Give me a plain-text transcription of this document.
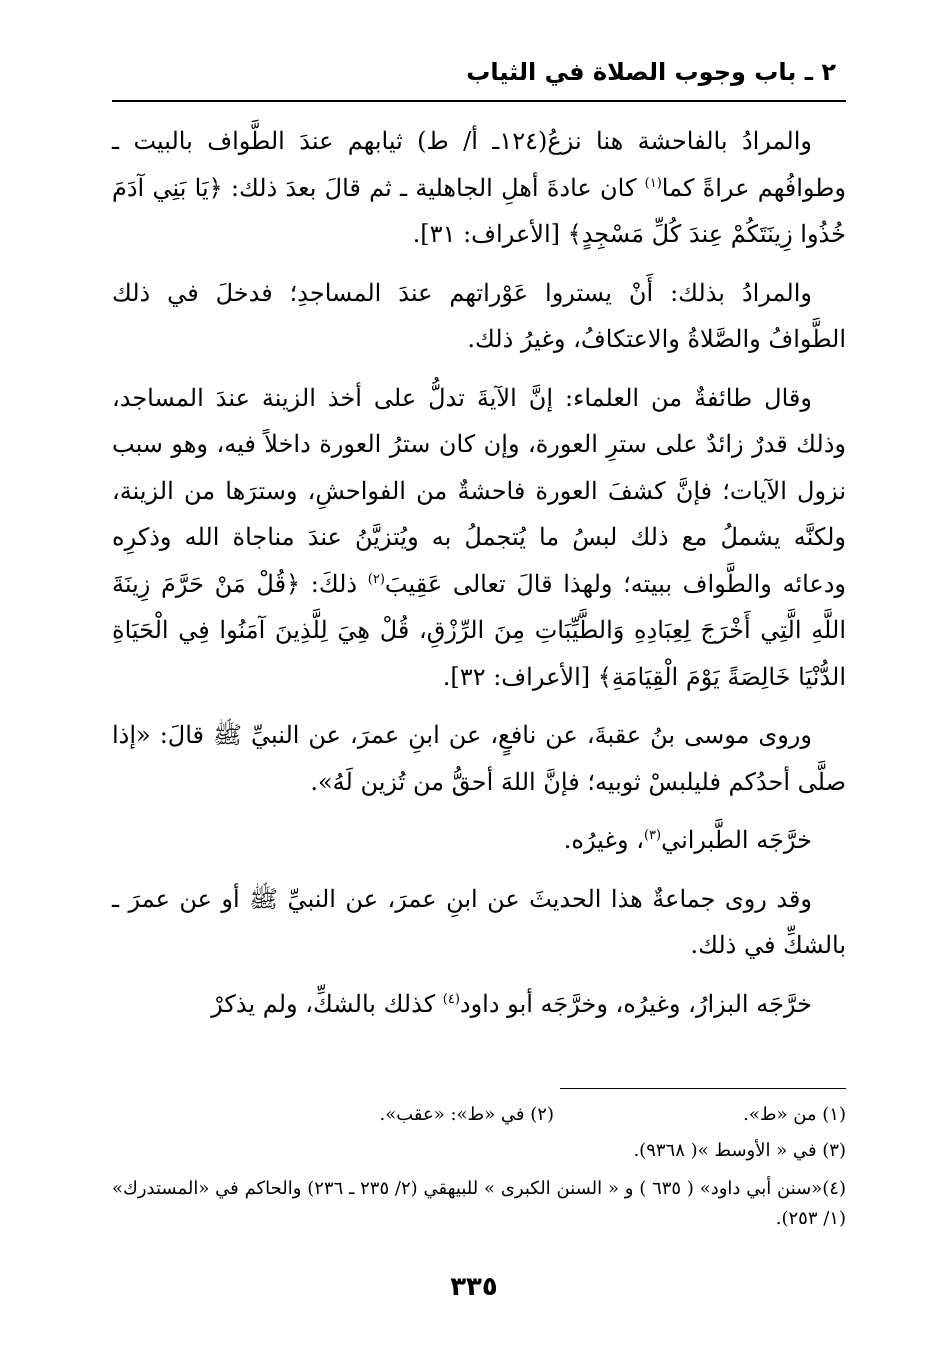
٢ ـ باب وجوب الصلاة في الثياب

والمرادُ بالفاحشة هنا نزعُ(١٢٤ـ أ/ ط) ثيابهم عندَ الطَّواف بالبيت ـ وطوافُهم عراةً كما$^{(١)}$ كان عادةَ أهلِ الجاهلية ـ ثم قالَ بعدَ ذلك: ﴿يَا بَنِي آدَمَ خُذُوا زِينَتَكُمْ عِندَ كُلِّ مَسْجِدٍ﴾ [الأعراف: ٣١].

والمرادُ بذلك: أَنْ يستروا عَوْراتهم عندَ المساجدِ؛ فدخلَ في ذلك الطَّوافُ والصَّلاةُ والاعتكافُ، وغيرُ ذلك.

وقال طائفةٌ من العلماء: إنَّ الآيةَ تدلُّ على أخذ الزينة عندَ المساجد، وذلك قدرٌ زائدٌ على سترِ العورة، وإن كان سترُ العورة داخلاً فيه، وهو سبب نزول الآيات؛ فإنَّ كشفَ العورة فاحشةٌ من الفواحشِ، وسترَها من الزينة، ولكنَّه يشملُ مع ذلك لبسُ ما يُتجملُ به ويُتزيَّنُ عندَ مناجاة الله وذكرِه ودعائه والطَّواف ببيته؛ ولهذا قالَ تعالى عَقِيبَ$^{(٢)}$ ذلكَ: ﴿قُلْ مَنْ حَرَّمَ زِينَةَ اللَّهِ الَّتِي أَخْرَجَ لِعِبَادِهِ وَالطَّيِّبَاتِ مِنَ الرِّزْقِ، قُلْ هِيَ لِلَّذِينَ آمَنُوا فِي الْحَيَاةِ الدُّنْيَا خَالِصَةً يَوْمَ الْقِيَامَةِ﴾ [الأعراف: ٣٢].

وروى موسى بنُ عقبةَ، عن نافعٍ، عن ابنِ عمرَ، عن النبيِّ ﷺ قالَ: «إذا صلَّى أحدُكم فليلبسْ ثوبيه؛ فإنَّ اللهَ أحقُّ من تُزين لَهُ».

خرَّجَه الطَّبراني$^{(٣)}$، وغيرُه.

وقد روى جماعةٌ هذا الحديثَ عن ابنِ عمرَ، عن النبيِّ ﷺ أو عن عمرَ ـ بالشكِّ في ذلك.

خرَّجَه البزارُ، وغيرُه، وخرَّجَه أبو داود$^{(٤)}$ كذلك بالشكِّ، ولم يذكرْ

(١) من «ط».
(٢) في «ط»: «عقب».
(٣) في « الأوسط »( ٩٣٦٨).
(٤)«سنن أبي داود» ( ٦٣٥ ) و « السنن الكبرى » للبيهقي (٢/ ٢٣٥ ـ ٢٣٦) والحاكم في «المستدرك» (١/ ٢٥٣).
٣٣٥
